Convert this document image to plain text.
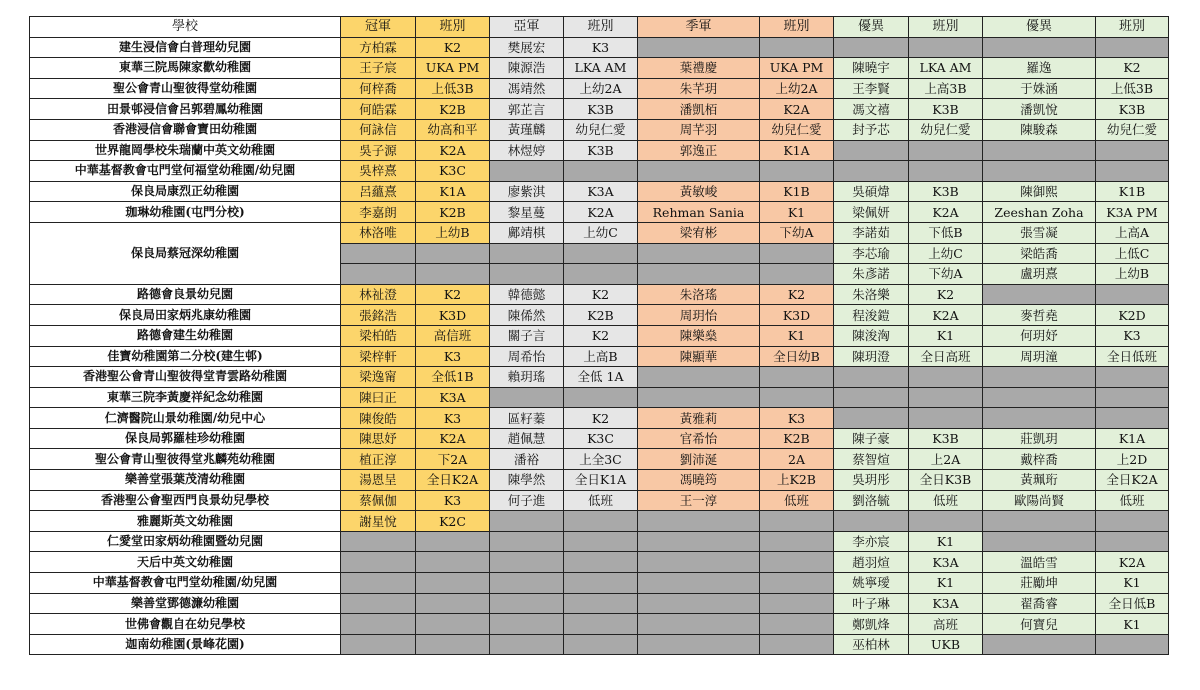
學校	冠軍	班別	亞軍	班別	季軍	班別	優異	班別	優異	班別
建生浸信會白普理幼兒園	方柏霖	K2	樊展宏	K3						
東華三院馬陳家歡幼稚園	王子宸	UKA PM	陳源浩	LKA AM	葉禮慶	UKA PM	陳曉宇	LKA AM	羅逸	K2
聖公會青山聖彼得堂幼稚園	何梓喬	上低3B	馮靖然	上幼2A	朱芊玥	上幼2A	王李賢	上高3B	于姝涵	上低3B
田景邨浸信會呂郭碧鳳幼稚園	何皓霖	K2B	郭芷言	K3B	潘凱栢	K2A	馮文禧	K3B	潘凱悅	K3B
香港浸信會聯會寶田幼稚園	何詠信	幼高和平	黃瑾麟	幼兒仁愛	周芊羽	幼兒仁愛	封予芯	幼兒仁愛	陳駿森	幼兒仁愛
世界龍岡學校朱瑞蘭中英文幼稚園	吳子源	K2A	林煜婷	K3B	郭逸正	K1A				
中華基督教會屯門堂何福堂幼稚園/幼兒園	吳梓熹	K3C								
保良局康烈正幼稚園	呂蘊熹	K1A	廖紫淇	K3A	黃敏峻	K1B	吳碩煒	K3B	陳御熙	K1B
珈琳幼稚園(屯門分校)	李嘉朗	K2B	黎星蔓	K2A	Rehman Sania	K1	梁佩妍	K2A	Zeeshan Zoha	K3A PM
保良局蔡冠深幼稚園	林洛唯	上幼B	鄺靖棋	上幼C	梁宥彬	下幼A	李諾茹	下低B	張雪凝	上高A
							李芯瑜	上幼C	梁皓喬	上低C
							朱彥諾	下幼A	盧玥熹	上幼B
路德會良景幼兒園	林祉澄	K2	韓德懿	K2	朱洛瑤	K2	朱洛樂	K2		
保良局田家炳兆康幼稚園	張銘浩	K3D	陳俙然	K2B	周玥怡	K3D	程浚鎧	K2A	麥哲堯	K2D
路德會建生幼稚園	梁柏皓	高信班	關子言	K2	陳樂燊	K1	陳浚洶	K1	何玥妤	K3
佳寶幼稚園第二分校(建生邨)	梁梓軒	K3	周希怡	上高B	陳顯華	全日幼B	陳玥澄	全日高班	周玥潼	全日低班
香港聖公會青山聖彼得堂青雲路幼稚園	梁逸甯	全低1B	賴玥瑤	全低 1A						
東華三院李黃慶祥紀念幼稚園	陳曰正	K3A								
仁濟醫院山景幼稚園/幼兒中心	陳俊皓	K3	區籽蓁	K2	黃雅莉	K3				
保良局郭羅桂珍幼稚園	陳思妤	K2A	趙佩慧	K3C	官希怡	K2B	陳子豪	K3B	莊凱玥	K1A
聖公會青山聖彼得堂兆麟苑幼稚園	植正淳	下2A	潘裕	上全3C	劉沛涎	2A	蔡智煊	上2A	戴梓喬	上2D
樂善堂張葉茂清幼稚園	湯恩呈	全日K2A	陳學然	全日K1A	馮曉筠	上K2B	吳玥彤	全日K3B	黃珮珩	全日K2A
香港聖公會聖西門良景幼兒學校	蔡佩伽	K3	何子進	低班	王一淳	低班	劉洛毓	低班	歐陽尚賢	低班
雅麗斯英文幼稚園	謝星悅	K2C								
仁愛堂田家炳幼稚園暨幼兒園							李亦宸	K1		
天后中英文幼稚園							趙羽煊	K3A	溫皓雪	K2A
中華基督教會屯門堂幼稚園/幼兒園							姚寧璦	K1	莊勵坤	K1
樂善堂鄧德濂幼稚園							叶子琳	K3A	翟喬睿	全日低B
世佛會觀自在幼兒學校							鄭凱烽	高班	何寶兒	K1
迦南幼稚園(景峰花園)							巫柏林	UKB		
